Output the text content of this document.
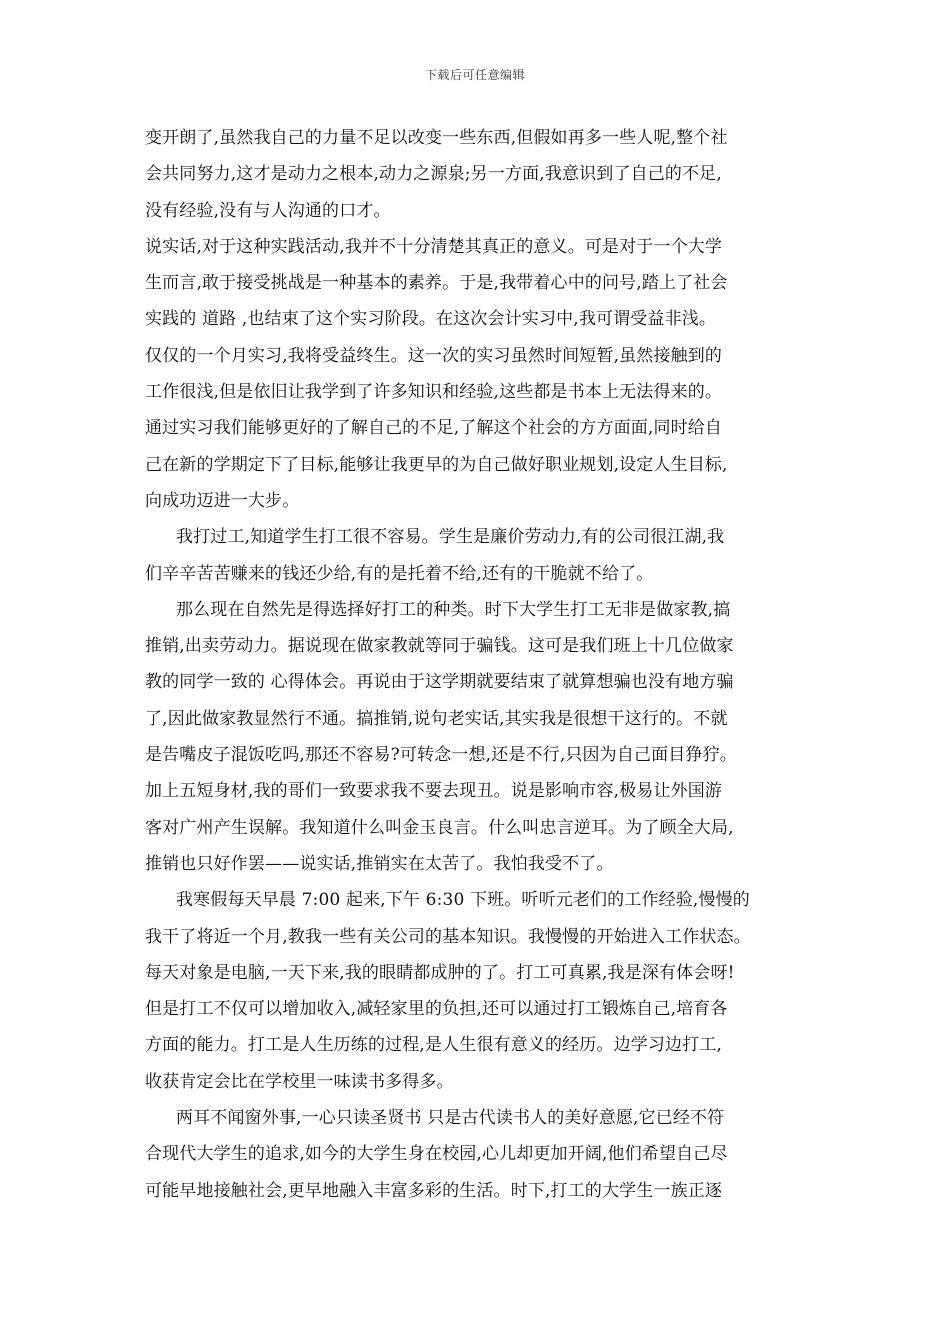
下载后可任意编辑
变开朗了,虽然我自己的力量不足以改变一些东西,但假如再多一些人呢,整个社
会共同努力,这才是动力之根本,动力之源泉;另一方面,我意识到了自己的不足,
没有经验,没有与人沟通的口才。
说实话,对于这种实践活动,我并不十分清楚其真正的意义。可是对于一个大学
生而言,敢于接受挑战是一种基本的素养。于是,我带着心中的问号,踏上了社会
实践的 道路 ,也结束了这个实习阶段。在这次会计实习中,我可谓受益非浅。
仅仅的一个月实习,我将受益终生。这一次的实习虽然时间短暂,虽然接触到的
工作很浅,但是依旧让我学到了许多知识和经验,这些都是书本上无法得来的。
通过实习我们能够更好的了解自己的不足,了解这个社会的方方面面,同时给自
己在新的学期定下了目标,能够让我更早的为自己做好职业规划,设定人生目标,
向成功迈进一大步。
我打过工,知道学生打工很不容易。学生是廉价劳动力,有的公司很江湖,我
们辛辛苦苦赚来的钱还少给,有的是托着不给,还有的干脆就不给了。
那么现在自然先是得选择好打工的种类。时下大学生打工无非是做家教,搞
推销,出卖劳动力。据说现在做家教就等同于骗钱。这可是我们班上十几位做家
教的同学一致的 心得体会。再说由于这学期就要结束了就算想骗也没有地方骗
了,因此做家教显然行不通。搞推销,说句老实话,其实我是很想干这行的。不就
是告嘴皮子混饭吃吗,那还不容易?可转念一想,还是不行,只因为自己面目狰狞。
加上五短身材,我的哥们一致要求我不要去现丑。说是影响市容,极易让外国游
客对广州产生误解。我知道什么叫金玉良言。什么叫忠言逆耳。为了顾全大局,
推销也只好作罢——说实话,推销实在太苦了。我怕我受不了。
我寒假每天早晨 7:00 起来,下午 6:30 下班。听听元老们的工作经验,慢慢的
我干了将近一个月,教我一些有关公司的基本知识。我慢慢的开始进入工作状态。
每天对象是电脑,一天下来,我的眼睛都成肿的了。打工可真累,我是深有体会呀!
但是打工不仅可以增加收入,减轻家里的负担,还可以通过打工锻炼自己,培育各
方面的能力。打工是人生历练的过程,是人生很有意义的经历。边学习边打工,
收获肯定会比在学校里一味读书多得多。
两耳不闻窗外事,一心只读圣贤书 只是古代读书人的美好意愿,它已经不符
合现代大学生的追求,如今的大学生身在校园,心儿却更加开阔,他们希望自己尽
可能早地接触社会,更早地融入丰富多彩的生活。时下,打工的大学生一族正逐
